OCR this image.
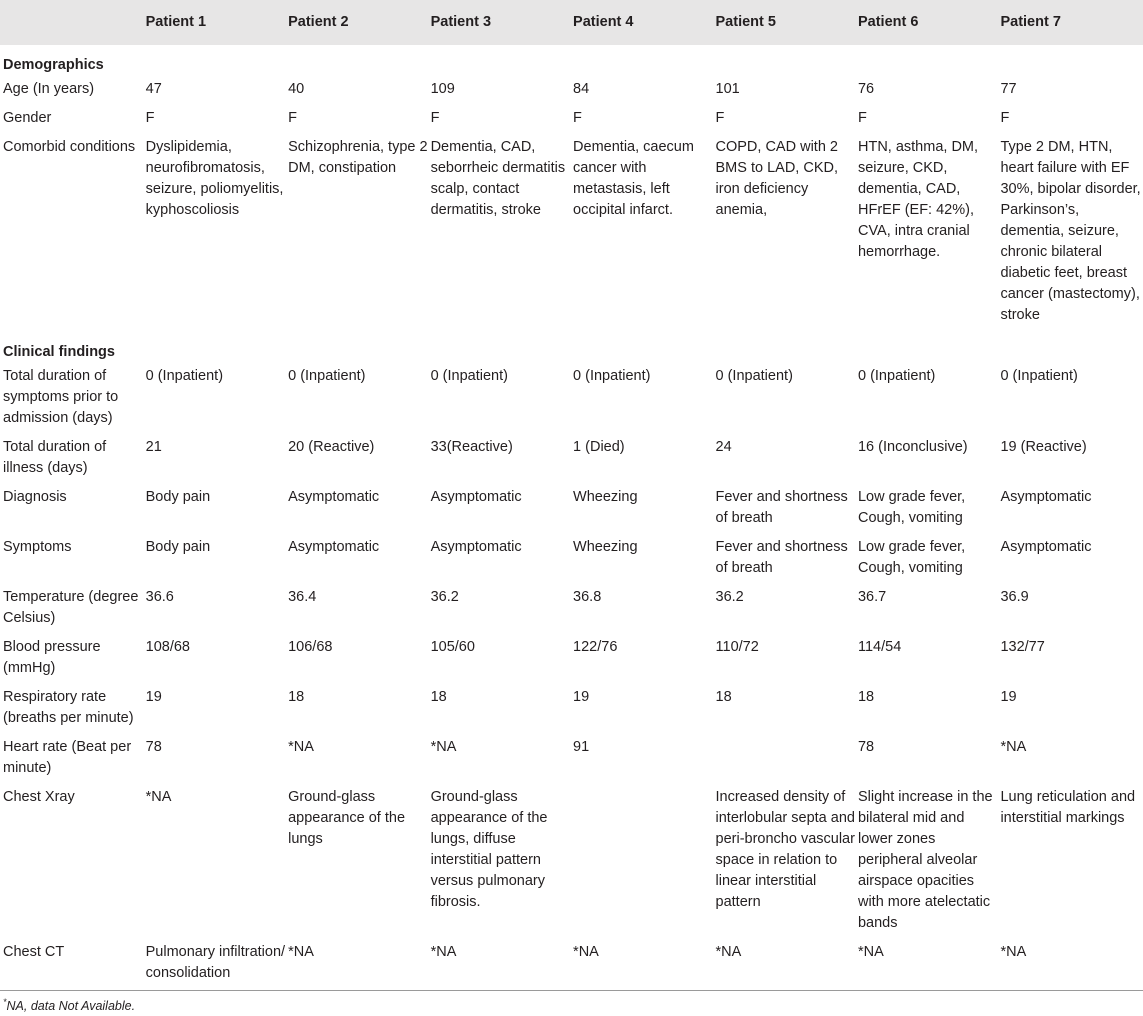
	Patient 1	Patient 2	Patient 3	Patient 4	Patient 5	Patient 6	Patient 7
Demographics							
Age (In years)	47	40	109	84	101	76	77
Gender	F	F	F	F	F	F	F
Comorbid conditions	Dyslipidemia, neurofibromatosis, seizure, poliomyelitis, kyphoscoliosis	Schizophrenia, type 2 DM, constipation	Dementia, CAD, seborrheic dermatitis scalp, contact dermatitis, stroke	Dementia, caecum cancer with metastasis, left occipital infarct.	COPD, CAD with 2 BMS to LAD, CKD, iron deficiency anemia,	HTN, asthma, DM, seizure, CKD, dementia, CAD, HFrEF (EF: 42%), CVA, intra cranial hemorrhage.	Type 2 DM, HTN, heart failure with EF 30%, bipolar disorder, Parkinson’s, dementia, seizure, chronic bilateral diabetic feet, breast cancer (mastectomy), stroke
Clinical findings							
Total duration of symptoms prior to admission (days)	0 (Inpatient)	0 (Inpatient)	0 (Inpatient)	0 (Inpatient)	0 (Inpatient)	0 (Inpatient)	0 (Inpatient)
Total duration of illness (days)	21	20 (Reactive)	33(Reactive)	1 (Died)	24	16 (Inconclusive)	19 (Reactive)
Diagnosis	Body pain	Asymptomatic	Asymptomatic	Wheezing	Fever and shortness of breath	Low grade fever, Cough, vomiting	Asymptomatic
Symptoms	Body pain	Asymptomatic	Asymptomatic	Wheezing	Fever and shortness of breath	Low grade fever, Cough, vomiting	Asymptomatic
Temperature (degree Celsius)	36.6	36.4	36.2	36.8	36.2	36.7	36.9
Blood pressure (mmHg)	108/68	106/68	105/60	122/76	110/72	114/54	132/77
Respiratory rate (breaths per minute)	19	18	18	19	18	18	19
Heart rate (Beat per minute)	78	*NA	*NA	91		78	*NA
Chest Xray	*NA	Ground-glass appearance of the lungs	Ground-glass appearance of the lungs, diffuse interstitial pattern versus pulmonary fibrosis.		Increased density of interlobular septa and peri-broncho vascular space in relation to linear interstitial pattern	Slight increase in the bilateral mid and lower zones peripheral alveolar airspace opacities with more atelectatic bands	Lung reticulation and interstitial markings
Chest CT	Pulmonary infiltration/ consolidation	*NA	*NA	*NA	*NA	*NA	*NA
*NA, data Not Available.
